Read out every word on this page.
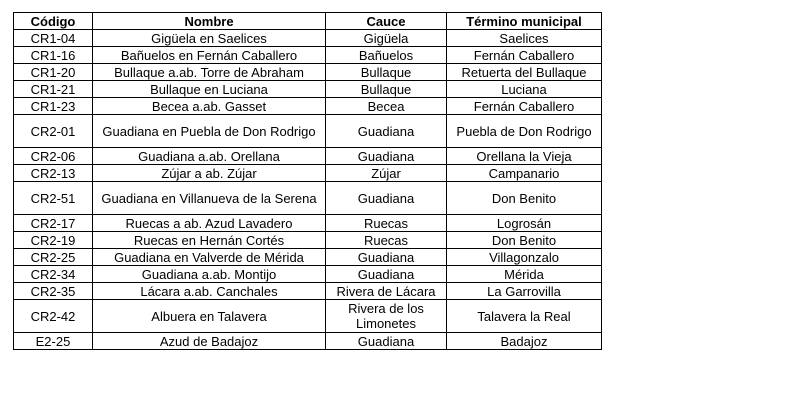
Código	Nombre	Cauce	Término municipal
CR1-04	Gigüela en Saelices	Gigüela	Saelices
CR1-16	Bañuelos en Fernán Caballero	Bañuelos	Fernán Caballero
CR1-20	Bullaque a.ab. Torre de Abraham	Bullaque	Retuerta del Bullaque
CR1-21	Bullaque en Luciana	Bullaque	Luciana
CR1-23	Becea a.ab. Gasset	Becea	Fernán Caballero
CR2-01	Guadiana en Puebla de Don Rodrigo	Guadiana	Puebla de Don Rodrigo
CR2-06	Guadiana a.ab. Orellana	Guadiana	Orellana la Vieja
CR2-13	Zújar a ab. Zújar	Zújar	Campanario
CR2-51	Guadiana en Villanueva de la Serena	Guadiana	Don Benito
CR2-17	Ruecas a ab. Azud Lavadero	Ruecas	Logrosán
CR2-19	Ruecas en Hernán Cortés	Ruecas	Don Benito
CR2-25	Guadiana en Valverde de Mérida	Guadiana	Villagonzalo
CR2-34	Guadiana a.ab. Montijo	Guadiana	Mérida
CR2-35	Lácara a.ab. Canchales	Rivera de Lácara	La Garrovilla
CR2-42	Albuera en Talavera	Rivera de los Limonetes	Talavera la Real
E2-25	Azud de Badajoz	Guadiana	Badajoz
